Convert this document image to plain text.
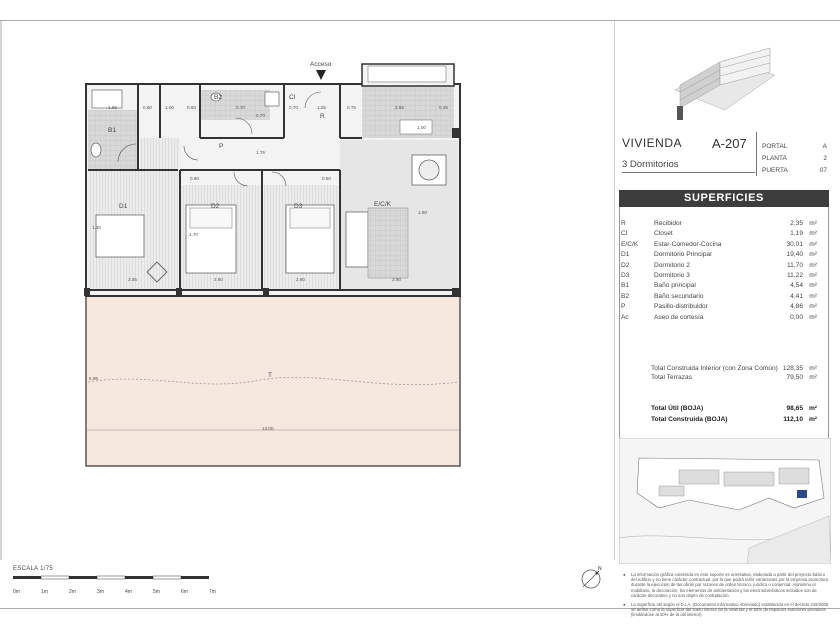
Acceso
R
P
Cl
B1
B2
D1	D2	D3	E/C/K
T
1.65	0.60	1.00	0.60	2.70	0.70	1.25	0.75	2.55	0.45
1.00
0.60	0.60
0.70
1.30
3.35	2.80	2.80	3.90
1.90
13.00
5.95
1.75
1.70
VIVIENDA A-207
3 Dormitorios
PORTAL	A
PLANTA	2
PUERTA	07
SUPERFICIES
R	Recibidor	2,35 m²
Cl	Closet	1,19 m²
E/C/K Estar-Comedor-Cocina	30,01 m²
D1	Dormitorio Principal	19,40 m²
D2	Dormitorio 2	11,70 m²
D3	Dormitorio 3	11,22 m²
B1	Baño principal	4,54 m²
B2	Baño secundario	4,41 m²
P	Pasillo-distribuidor	4,86 m²
Ac	Aseo de cortesía	0,00 m²
Total Construida Interior (con Zona Común) 128,35 m²
Total Terrazas	79,50 m²
Total Útil (BOJA)	98,65 m²
Total Construida (BOJA)	112,10 m²
● La información gráfica contenida en este soporte es orientativa, elaborada a partir del proyecto básico del edificio y no tiene carácter contractual, por lo que podrá sufrir variaciones por la empresa promotora durante la ejecución de las obras por razones de orden técnico, jurídico o comercial. Asimismo el mobiliario, la decoración, los elementos de ambientación y los electrodomésticos incluidos son de carácter decorativo y no son objeto de contratación.
● La superficie útil según el D.I.A. (Documento Informativo Abreviado) establecido en el decreto 218/2005 se define como la superficie del suelo interior de la vivienda y el 50% de espacios exteriores privativos (limitándose al 10% de la útil interior).
N
ESCALA 1/75
0m	1m	2m	3m	4m	5m	6m	7m
